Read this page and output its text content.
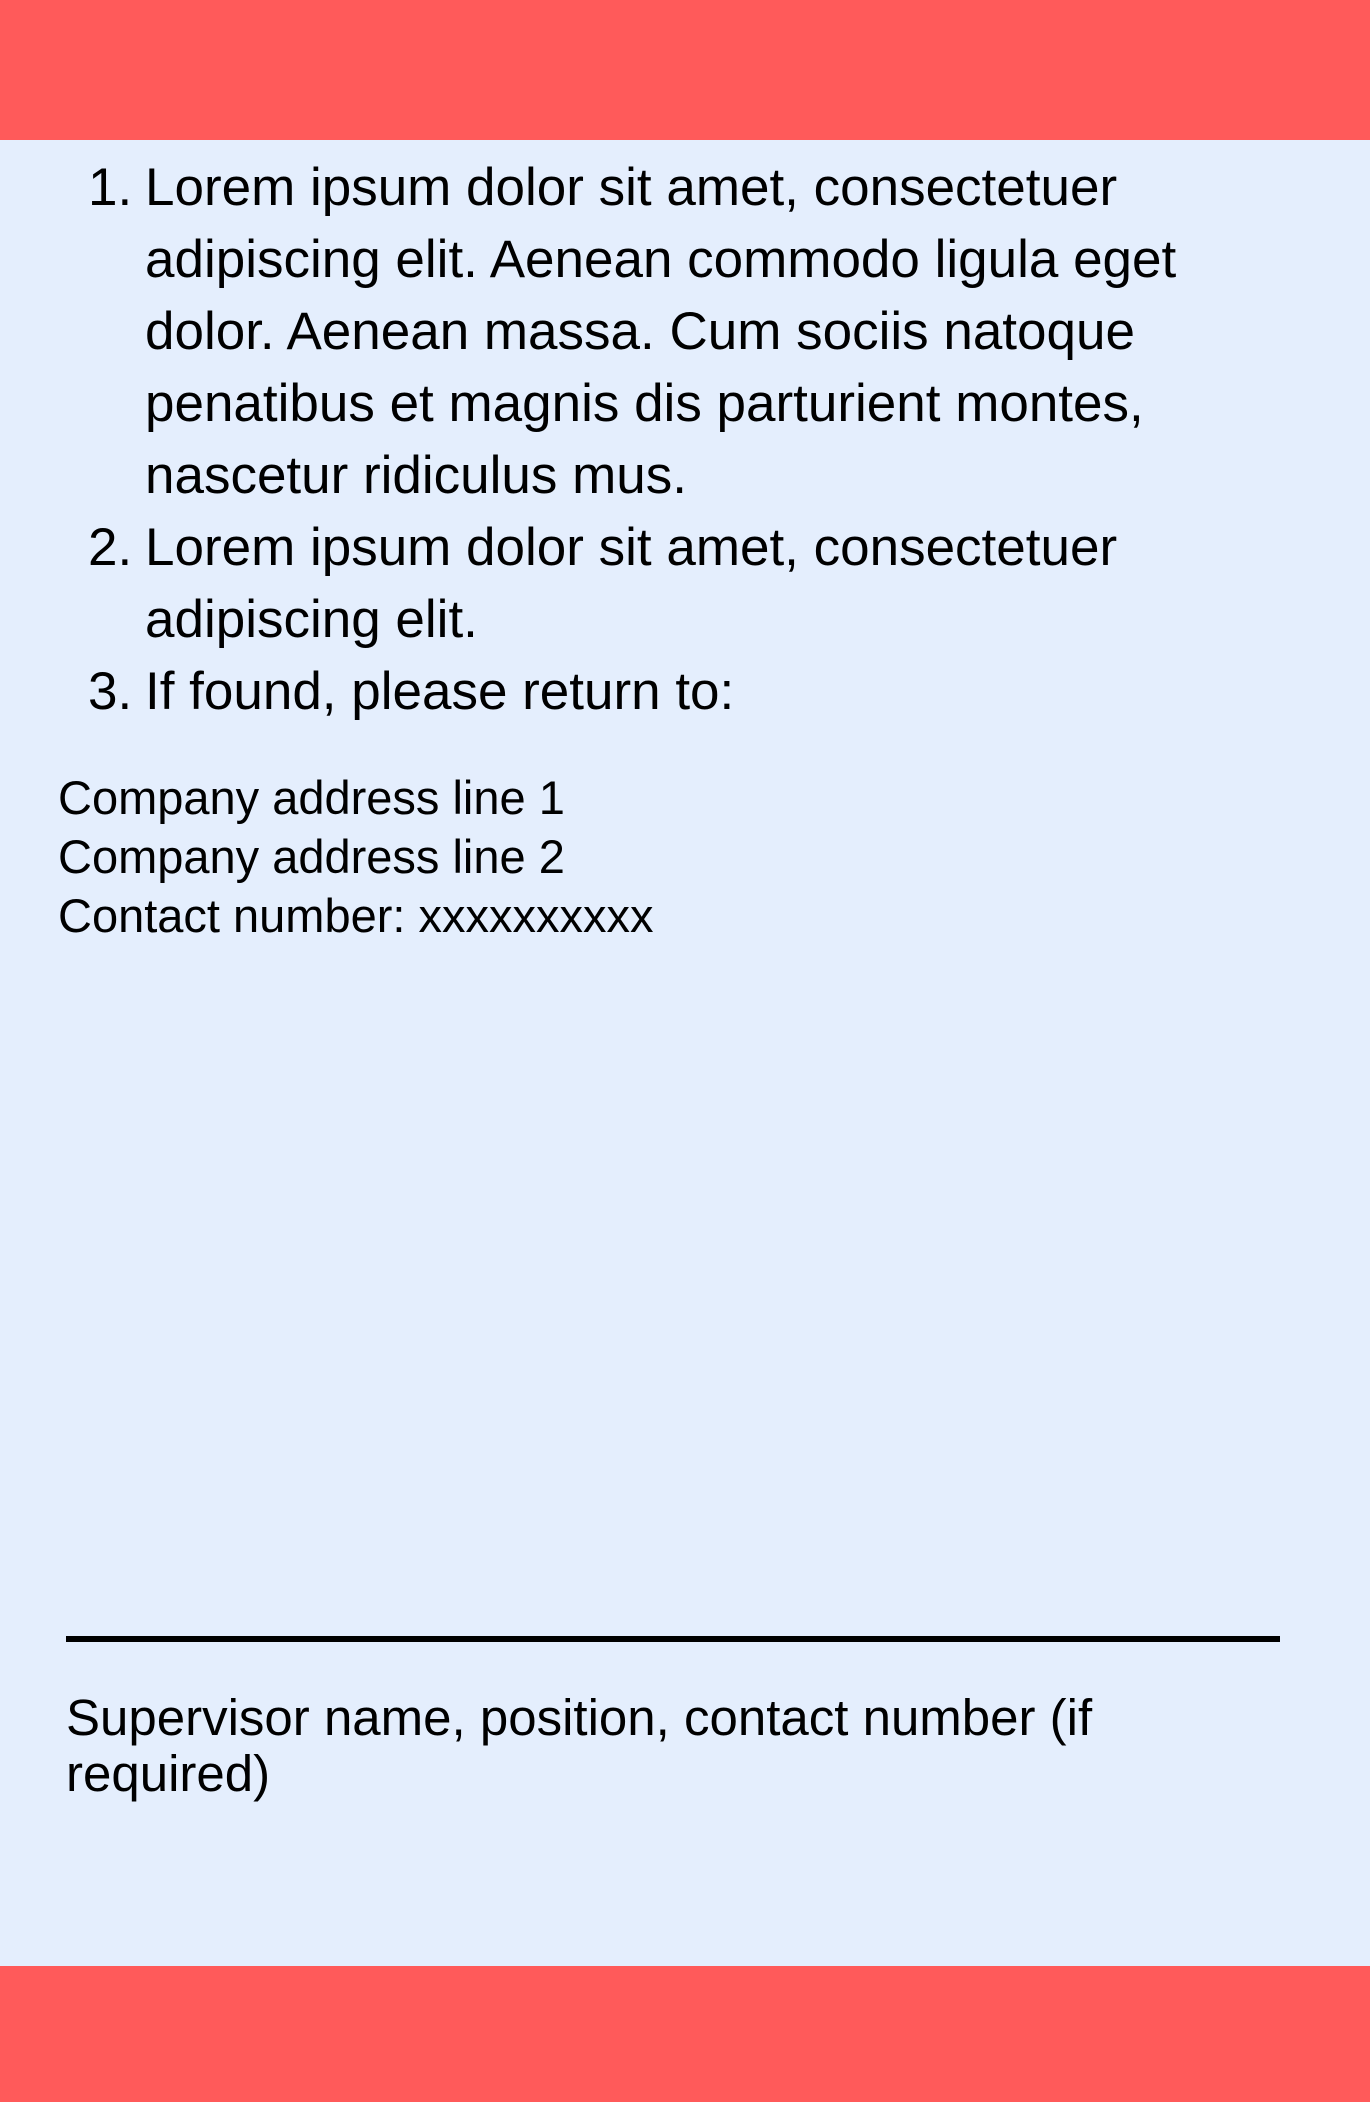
1. Lorem ipsum dolor sit amet, consectetuer adipiscing elit. Aenean commodo ligula eget dolor. Aenean massa. Cum sociis natoque penatibus et magnis dis parturient montes, nascetur ridiculus mus.
2. Lorem ipsum dolor sit amet, consectetuer adipiscing elit.
3. If found, please return to:
Company address line 1
Company address line 2
Contact number: xxxxxxxxxx
Supervisor name, position, contact number (if required)
